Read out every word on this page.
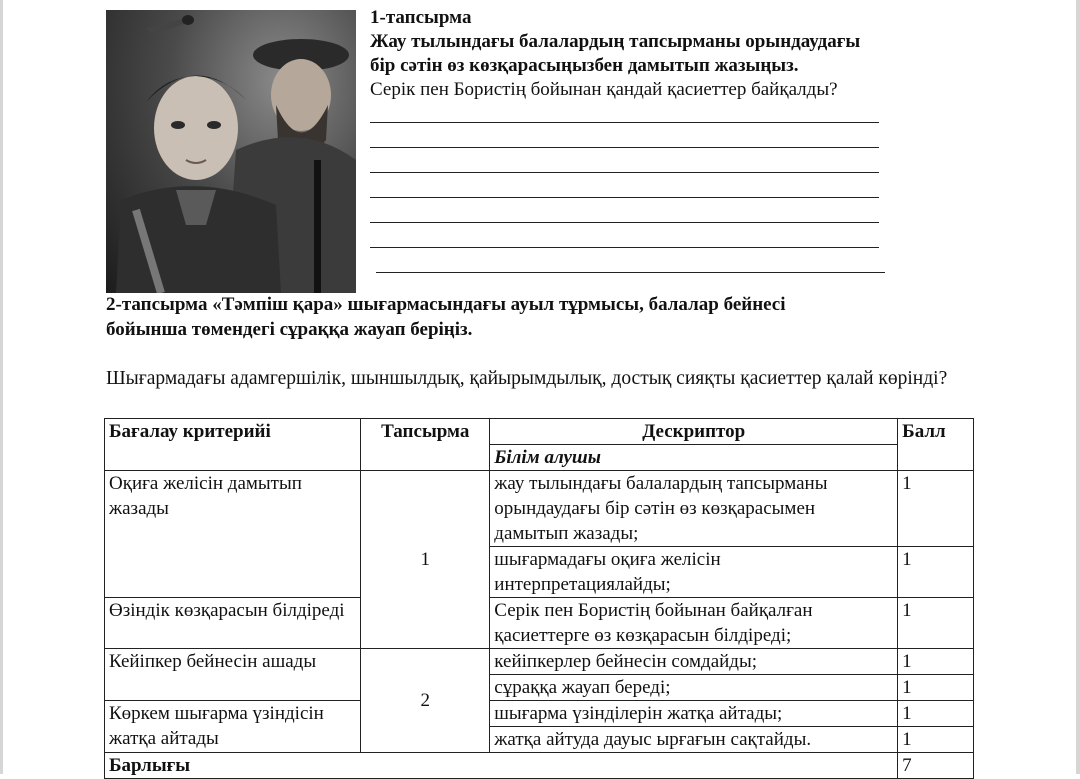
1-тапсырма
Жау тылындағы балалардың тапсырманы орындаудағы
бір сәтін өз көзқарасыңызбен дамытып жазыңыз.
Серік пен Бористің бойынан қандай қасиеттер байқалды?
2-тапсырма «Тәмпіш қара» шығармасындағы ауыл тұрмысы, балалар бейнесі
бойынша төмендегі сұраққа жауап беріңіз.
Шығармадағы адамгершілік, шыншылдық, қайырымдылық, достық сияқты қасиеттер қалай көрінді?
Бағалау критерийі	Тапсырма	Дескриптор	Балл
		Білім алушы	
Оқиға желісін дамытып жазады	1	жау тылындағы балалардың тапсырманы орындаудағы бір сәтін өз көзқарасымен дамытып жазады;	1
		шығармадағы оқиға желісін интерпретациялайды;	1
Өзіндік көзқарасын білдіреді		Серік пен Бористің бойынан байқалған қасиеттерге өз көзқарасын білдіреді;	1
Кейіпкер бейнесін ашады	2	кейіпкерлер бейнесін сомдайды;	1
		сұраққа жауап береді;	1
Көркем шығарма үзіндісін жатқа айтады		шығарма үзінділерін жатқа айтады;	1
		жатқа айтуда дауыс ырғағын сақтайды.	1
Барлығы			7
